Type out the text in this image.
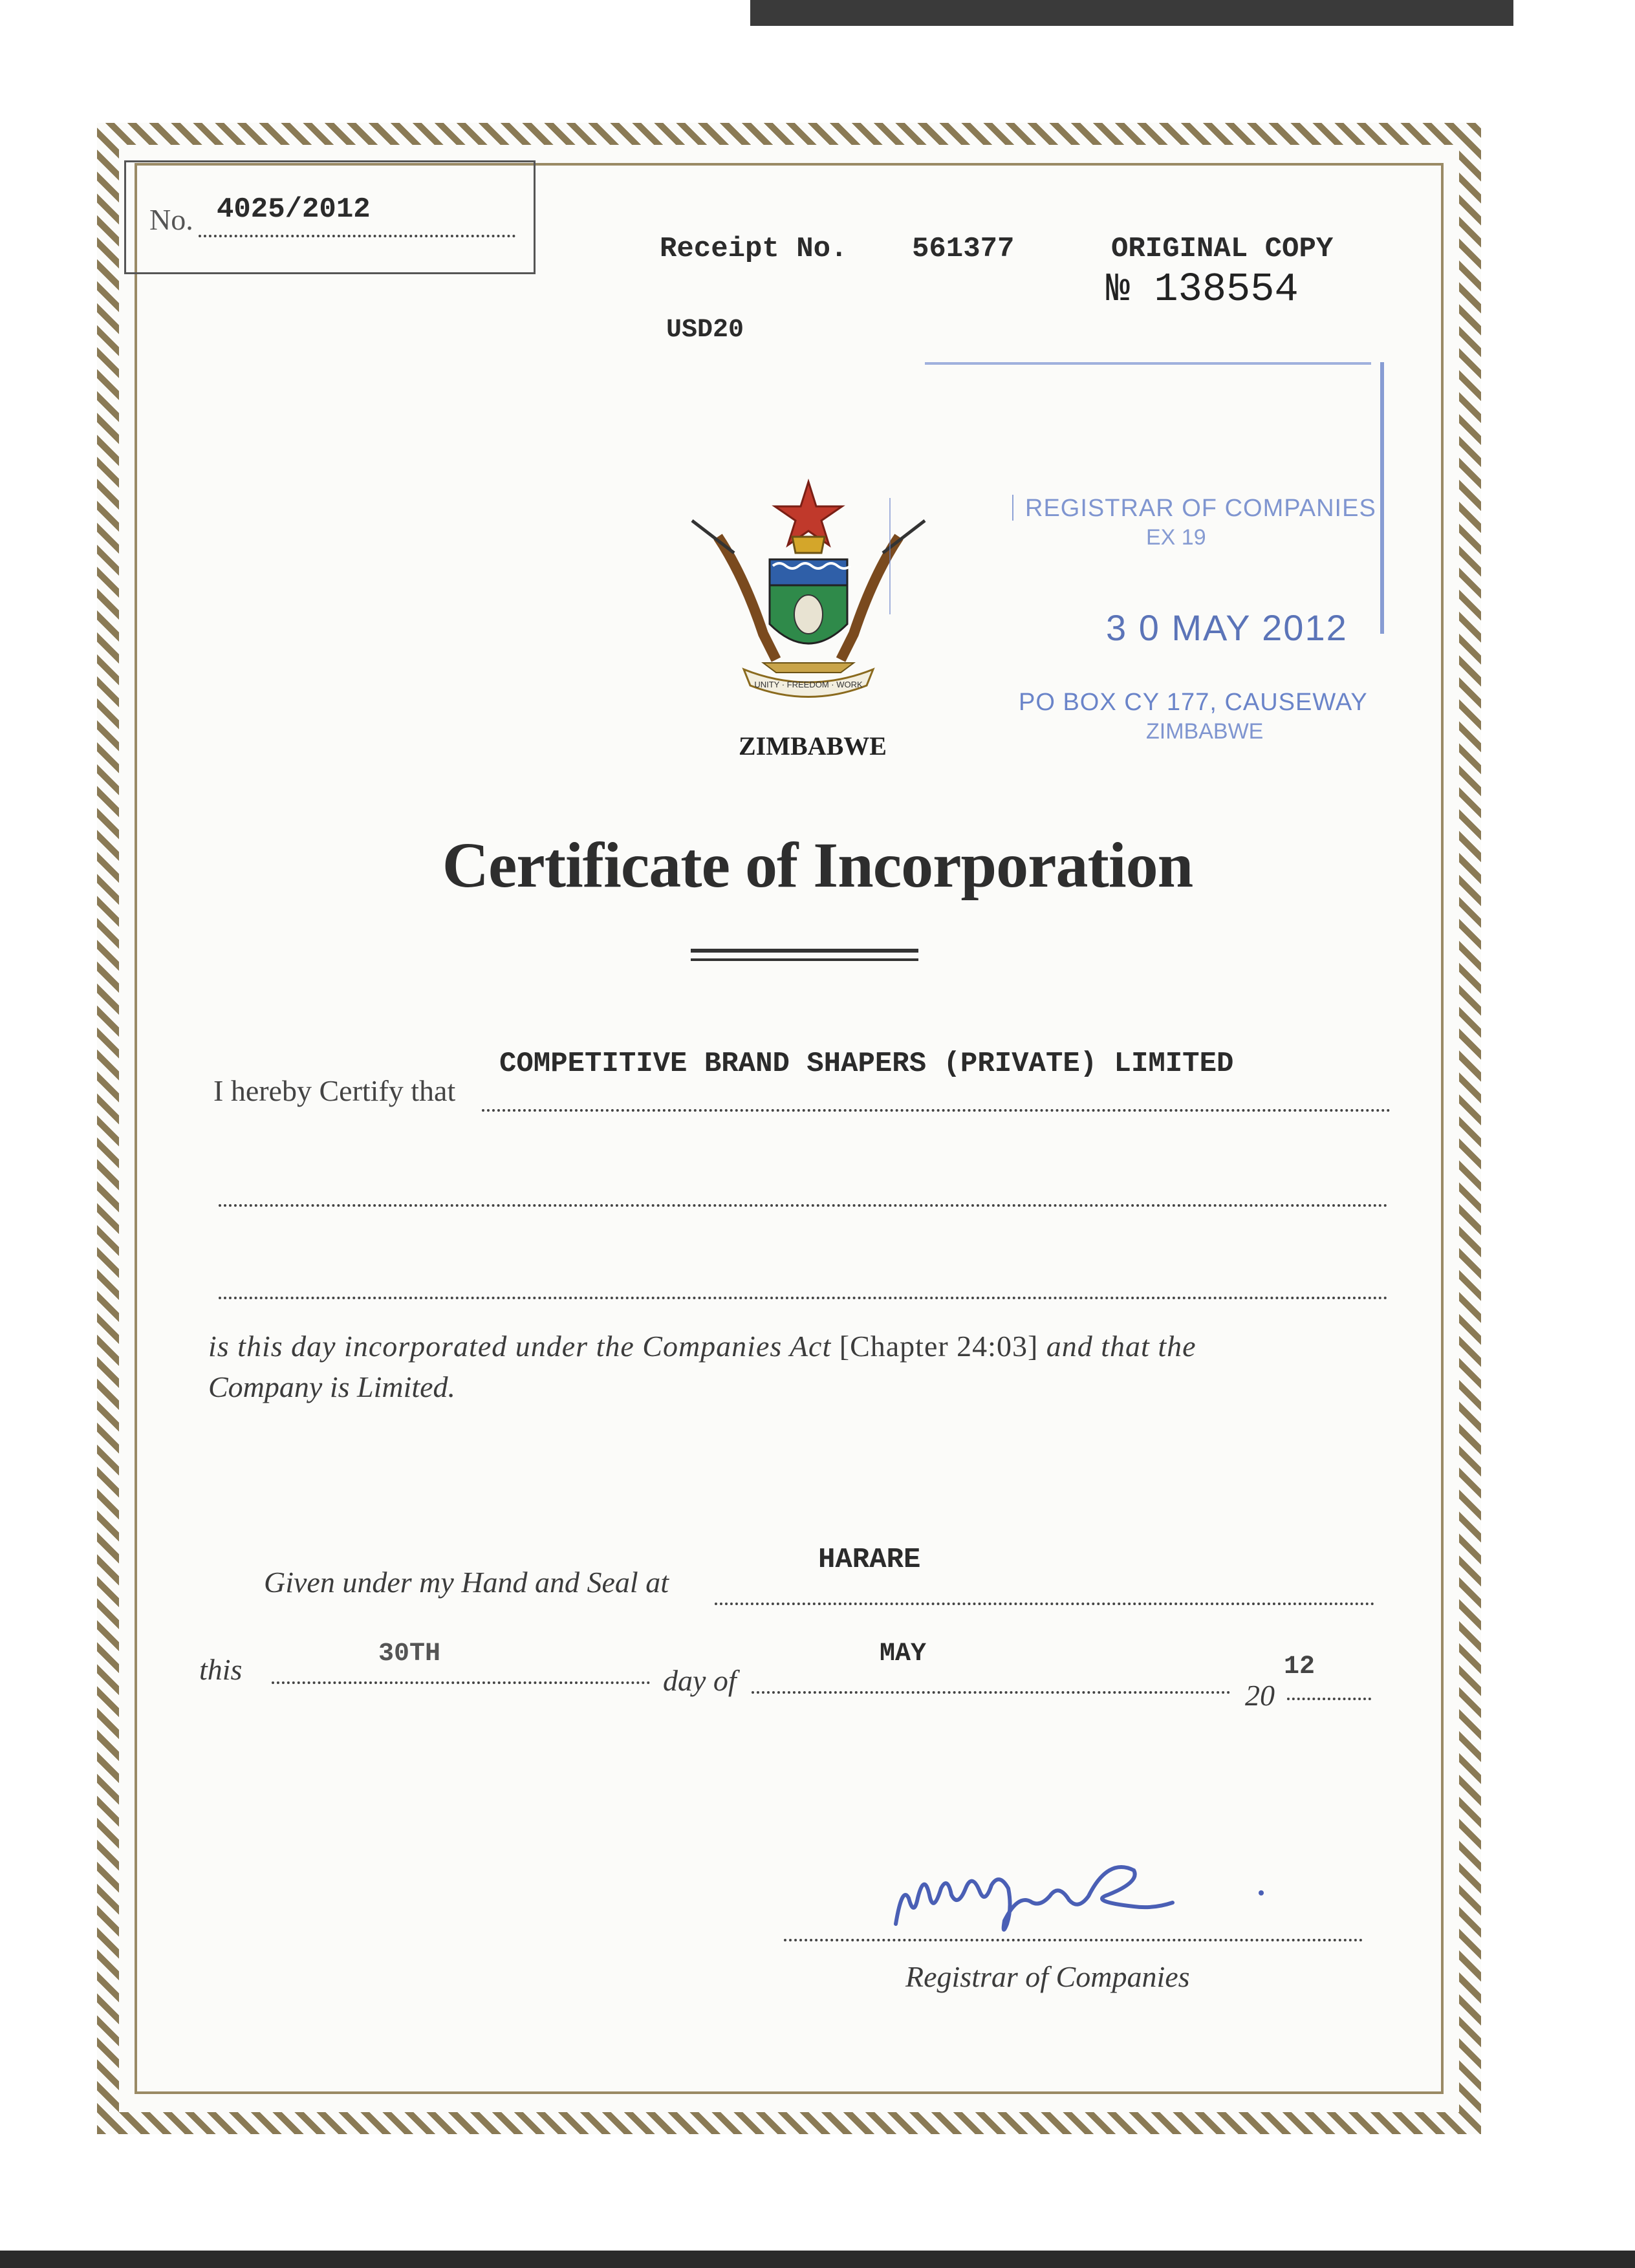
No. 4025/2012
Receipt No. 561377
USD20
ORIGINAL COPY
№ 138554
UNITY · FREEDOM · WORK
ZIMBABWE
REGISTRAR OF COMPANIES
EX 19
3 0 MAY 2012
PO BOX CY 177, CAUSEWAY
ZIMBABWE
Certificate of Incorporation
I hereby Certify that
COMPETITIVE BRAND SHAPERS (PRIVATE) LIMITED
is this day incorporated under the Companies Act [Chapter 24:03] and that the
Company is Limited.
Given under my Hand and Seal at
HARARE
this	30TH
day of
MAY
20
12
Registrar of Companies
